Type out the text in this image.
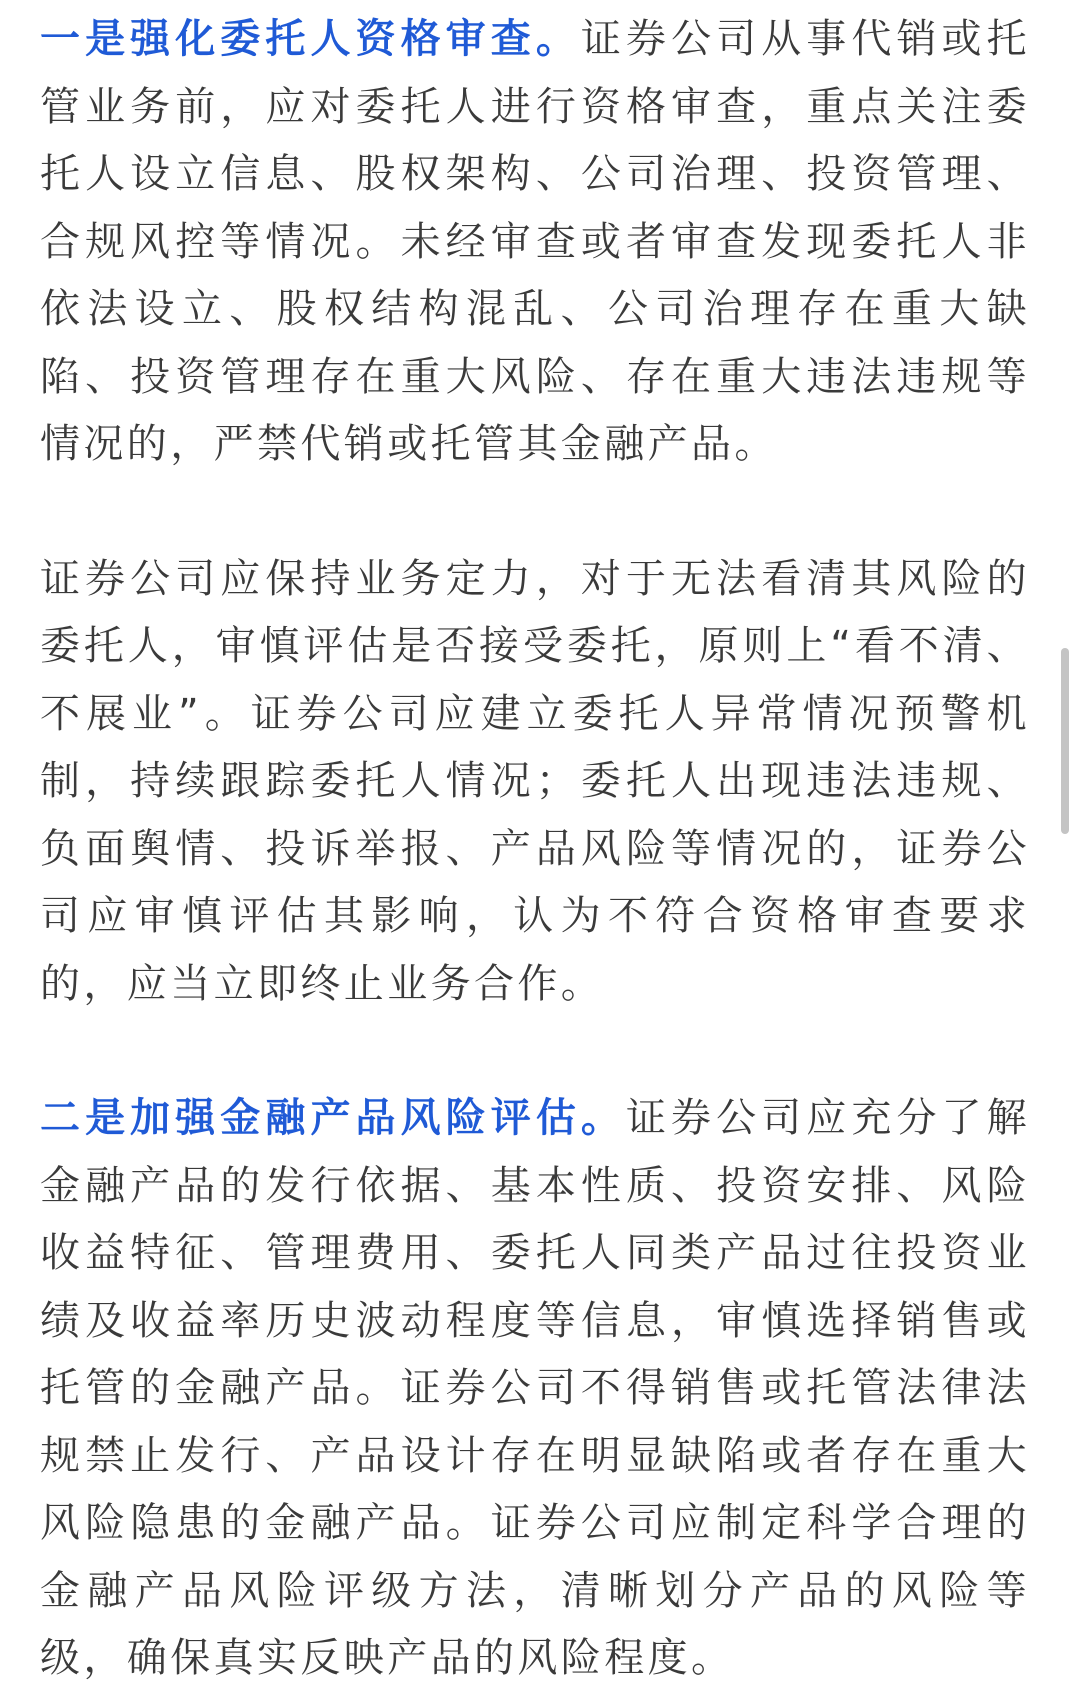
一是强化委托人资格审查。证券公司从事代销或托管业务前，应对委托人进行资格审查，重点关注委托人设立信息、股权架构、公司治理、投资管理、合规风控等情况。未经审查或者审查发现委托人非依法设立、股权结构混乱、公司治理存在重大缺陷、投资管理存在重大风险、存在重大违法违规等情况的，严禁代销或托管其金融产品。

证券公司应保持业务定力，对于无法看清其风险的委托人，审慎评估是否接受委托，原则上“看不清、不展业”。证券公司应建立委托人异常情况预警机制，持续跟踪委托人情况；委托人出现违法违规、负面舆情、投诉举报、产品风险等情况的，证券公司应审慎评估其影响，认为不符合资格审查要求的，应当立即终止业务合作。

二是加强金融产品风险评估。证券公司应充分了解金融产品的发行依据、基本性质、投资安排、风险收益特征、管理费用、委托人同类产品过往投资业绩及收益率历史波动程度等信息，审慎选择销售或托管的金融产品。证券公司不得销售或托管法律法规禁止发行、产品设计存在明显缺陷或者存在重大风险隐患的金融产品。证券公司应制定科学合理的金融产品风险评级方法，清晰划分产品的风险等级，确保真实反映产品的风险程度。
